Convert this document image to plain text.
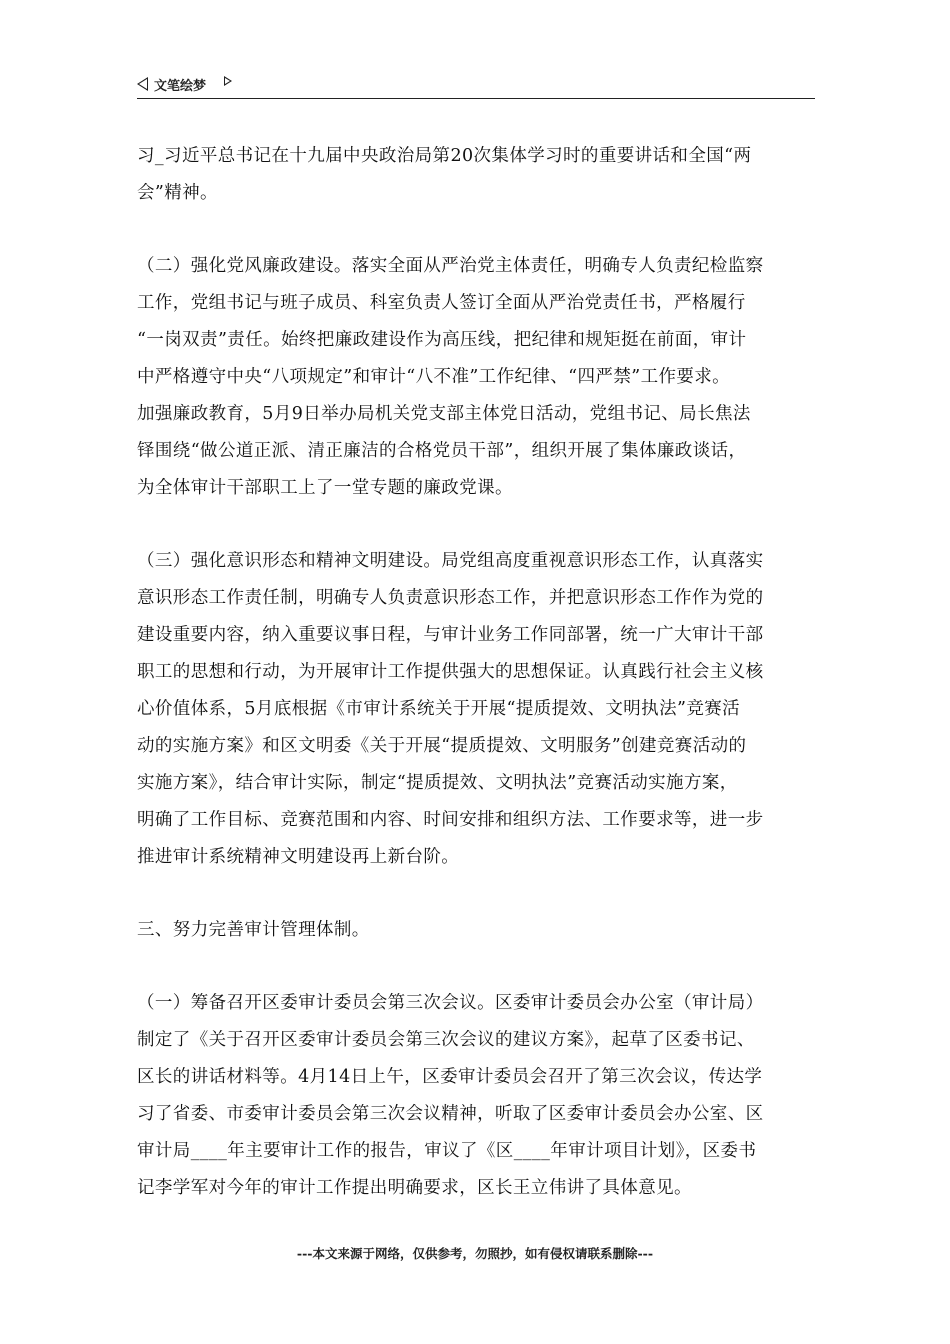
文笔绘梦

习_习近平总书记在十九届中央政治局第20次集体学习时的重要讲话和全国“两
会”精神。

（二）强化党风廉政建设。落实全面从严治党主体责任，明确专人负责纪检监察
工作，党组书记与班子成员、科室负责人签订全面从严治党责任书，严格履行
“一岗双责”责任。始终把廉政建设作为高压线，把纪律和规矩挺在前面，审计
中严格遵守中央“八项规定”和审计“八不准”工作纪律、“四严禁”工作要求。
加强廉政教育，5月9日举办局机关党支部主体党日活动，党组书记、局长焦法
铎围绕“做公道正派、清正廉洁的合格党员干部”，组织开展了集体廉政谈话，
为全体审计干部职工上了一堂专题的廉政党课。

（三）强化意识形态和精神文明建设。局党组高度重视意识形态工作，认真落实
意识形态工作责任制，明确专人负责意识形态工作，并把意识形态工作作为党的
建设重要内容，纳入重要议事日程，与审计业务工作同部署，统一广大审计干部
职工的思想和行动，为开展审计工作提供强大的思想保证。认真践行社会主义核
心价值体系，5月底根据《市审计系统关于开展“提质提效、文明执法”竞赛活
动的实施方案》和区文明委《关于开展“提质提效、文明服务”创建竞赛活动的
实施方案》，结合审计实际，制定“提质提效、文明执法”竞赛活动实施方案，
明确了工作目标、竞赛范围和内容、时间安排和组织方法、工作要求等，进一步
推进审计系统精神文明建设再上新台阶。

三、努力完善审计管理体制。

（一）筹备召开区委审计委员会第三次会议。区委审计委员会办公室（审计局）
制定了《关于召开区委审计委员会第三次会议的建议方案》，起草了区委书记、
区长的讲话材料等。4月14日上午，区委审计委员会召开了第三次会议，传达学
习了省委、市委审计委员会第三次会议精神，听取了区委审计委员会办公室、区
审计局____年主要审计工作的报告，审议了《区____年审计项目计划》，区委书
记李学军对今年的审计工作提出明确要求，区长王立伟讲了具体意见。

---本文来源于网络，仅供参考，勿照抄，如有侵权请联系删除---
